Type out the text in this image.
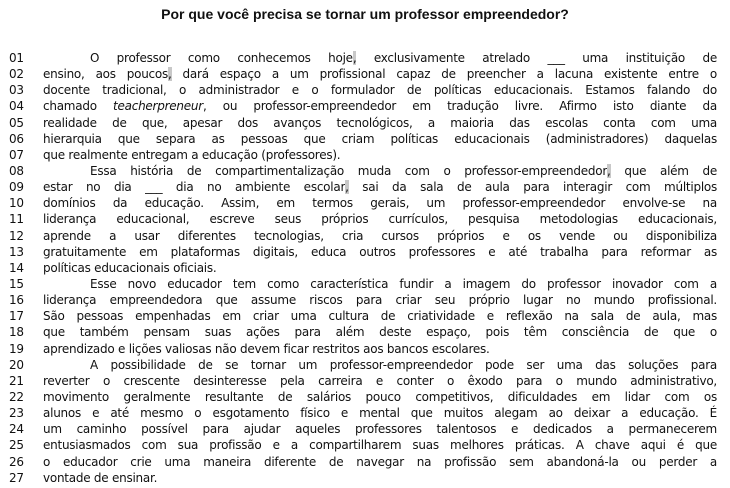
Por que você precisa se tornar um professor empreendedor?
01	O professor como conhecemos hoje, exclusivamente atrelado ___ uma instituição de
02 ensino, aos poucos, dará espaço a um profissional capaz de preencher a lacuna existente entre o
03 docente tradicional, o administrador e o formulador de políticas educacionais. Estamos falando do
04 chamado teacherpreneur, ou professor-empreendedor em tradução livre. Afirmo isto diante da
05 realidade de que, apesar dos avanços tecnológicos, a maioria das escolas conta com uma
06 hierarquia que separa as pessoas que criam políticas educacionais (administradores) daquelas
07 que realmente entregam a educação (professores).
08	Essa história de compartimentalização muda com o professor-empreendedor, que além de
09 estar no dia ___ dia no ambiente escolar, sai da sala de aula para interagir com múltiplos
10 domínios da educação. Assim, em termos gerais, um professor-empreendedor envolve-se na
11 liderança educacional, escreve seus próprios currículos, pesquisa metodologias educacionais,
12 aprende a usar diferentes tecnologias, cria cursos próprios e os vende ou disponibiliza
13 gratuitamente em plataformas digitais, educa outros professores e até trabalha para reformar as
14 políticas educacionais oficiais.
15	Esse novo educador tem como característica fundir a imagem do professor inovador com a
16 liderança empreendedora que assume riscos para criar seu próprio lugar no mundo profissional.
17 São pessoas empenhadas em criar uma cultura de criatividade e reflexão na sala de aula, mas
18 que também pensam suas ações para além deste espaço, pois têm consciência de que o
19 aprendizado e lições valiosas não devem ficar restritos aos bancos escolares.
20	A possibilidade de se tornar um professor-empreendedor pode ser uma das soluções para
21 reverter o crescente desinteresse pela carreira e conter o êxodo para o mundo administrativo,
22 movimento geralmente resultante de salários pouco competitivos, dificuldades em lidar com os
23 alunos e até mesmo o esgotamento físico e mental que muitos alegam ao deixar a educação. É
24 um caminho possível para ajudar aqueles professores talentosos e dedicados a permanecerem
25 entusiasmados com sua profissão e a compartilharem suas melhores práticas. A chave aqui é que
26 o educador crie uma maneira diferente de navegar na profissão sem abandoná-la ou perder a
27 vontade de ensinar.
